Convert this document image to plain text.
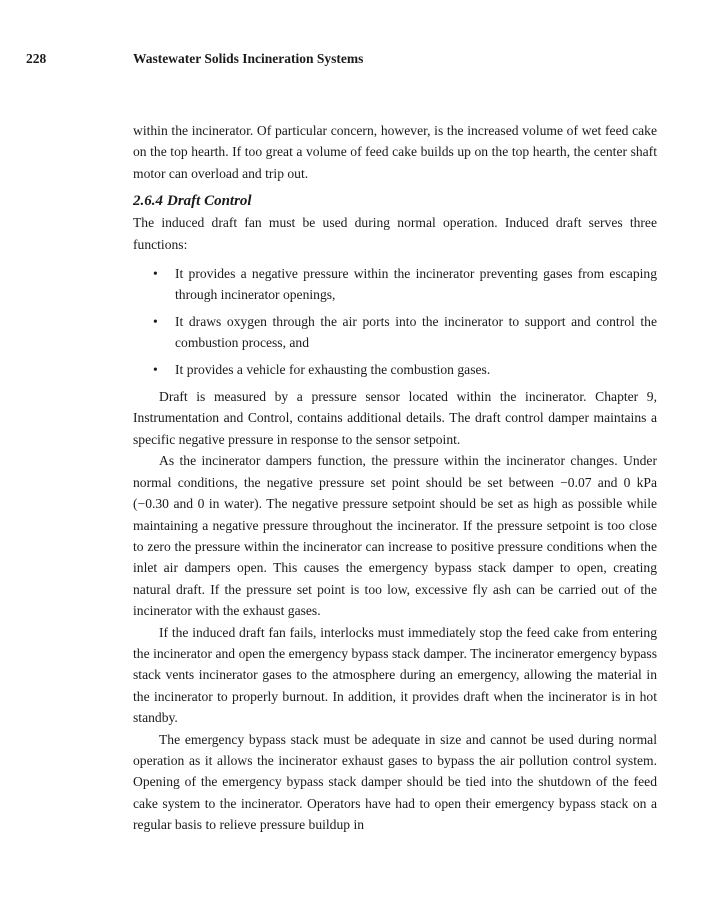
228	Wastewater Solids Incineration Systems

within the incinerator. Of particular concern, however, is the increased volume of wet feed cake on the top hearth. If too great a volume of feed cake builds up on the top hearth, the center shaft motor can overload and trip out.

2.6.4 Draft Control

The induced draft fan must be used during normal operation. Induced draft serves three functions:

• It provides a negative pressure within the incinerator preventing gases from escaping through incinerator openings,
• It draws oxygen through the air ports into the incinerator to support and control the combustion process, and
• It provides a vehicle for exhausting the combustion gases.

Draft is measured by a pressure sensor located within the incinerator. Chapter 9, Instrumentation and Control, contains additional details. The draft control damper maintains a specific negative pressure in response to the sensor setpoint.

As the incinerator dampers function, the pressure within the incinerator changes. Under normal conditions, the negative pressure set point should be set between −0.07 and 0 kPa (−0.30 and 0 in water). The negative pressure setpoint should be set as high as possible while maintaining a negative pressure throughout the incinerator. If the pressure setpoint is too close to zero the pressure within the incinerator can increase to positive pressure conditions when the inlet air dampers open. This causes the emergency bypass stack damper to open, creating natural draft. If the pressure set point is too low, excessive fly ash can be carried out of the incinerator with the exhaust gases.

If the induced draft fan fails, interlocks must immediately stop the feed cake from entering the incinerator and open the emergency bypass stack damper. The incinerator emergency bypass stack vents incinerator gases to the atmosphere during an emergency, allowing the material in the incinerator to properly burnout. In addition, it provides draft when the incinerator is in hot standby.

The emergency bypass stack must be adequate in size and cannot be used during normal operation as it allows the incinerator exhaust gases to bypass the air pollution control system. Opening of the emergency bypass stack damper should be tied into the shutdown of the feed cake system to the incinerator. Operators have had to open their emergency bypass stack on a regular basis to relieve pressure buildup in
